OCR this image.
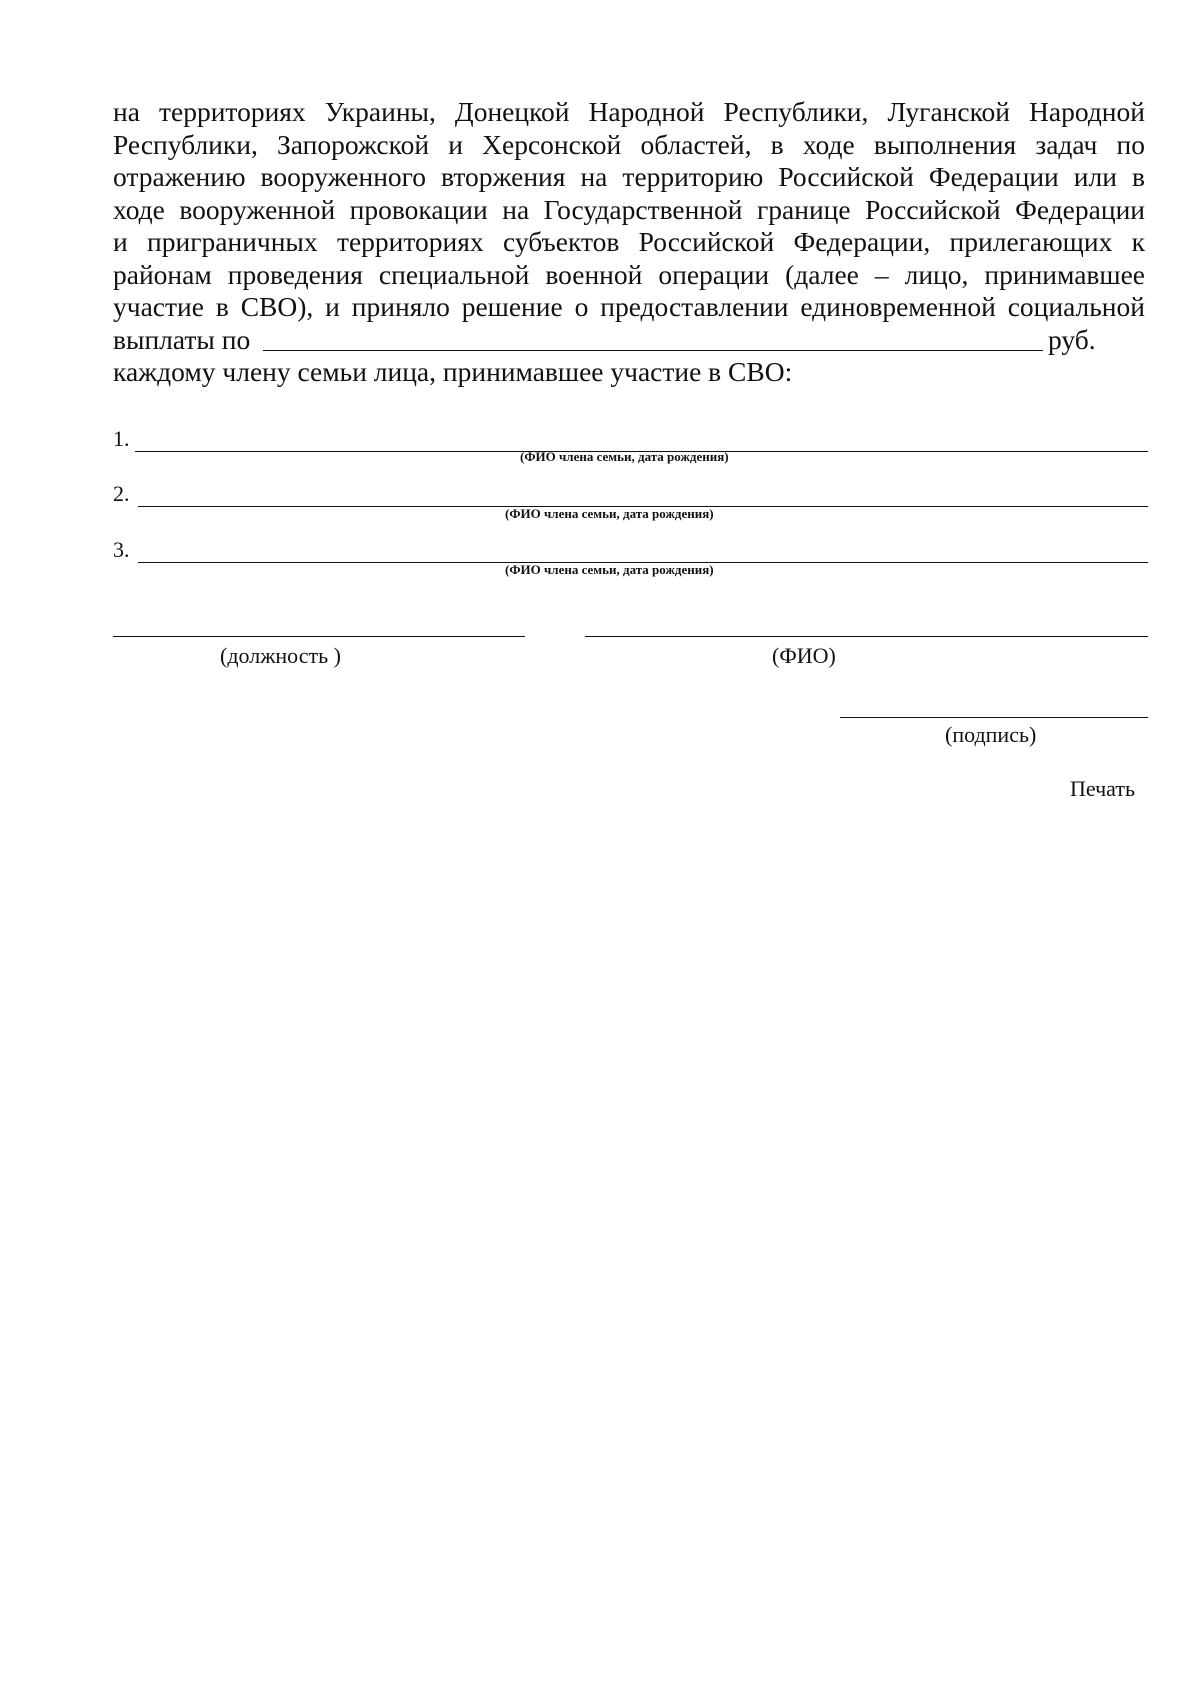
на территориях Украины, Донецкой Народной Республики, Луганской Народной
Республики, Запорожской и Херсонской областей, в ходе выполнения задач по
отражению вооруженного вторжения на территорию Российской Федерации или в
ходе вооруженной провокации на Государственной границе Российской Федерации
и приграничных территориях субъектов Российской Федерации, прилегающих к
районам проведения специальной военной операции (далее – лицо, принимавшее
участие в СВО), и приняло решение о предоставлении единовременной социальной
выплаты по	руб.
каждому члену семьи лица, принимавшее участие в СВО:
1.
(ФИО члена семьи, дата рождения)
2.
(ФИО члена семьи, дата рождения)
3.
(ФИО члена семьи, дата рождения)
(должность )	(ФИО)
(подпись)
Печать
